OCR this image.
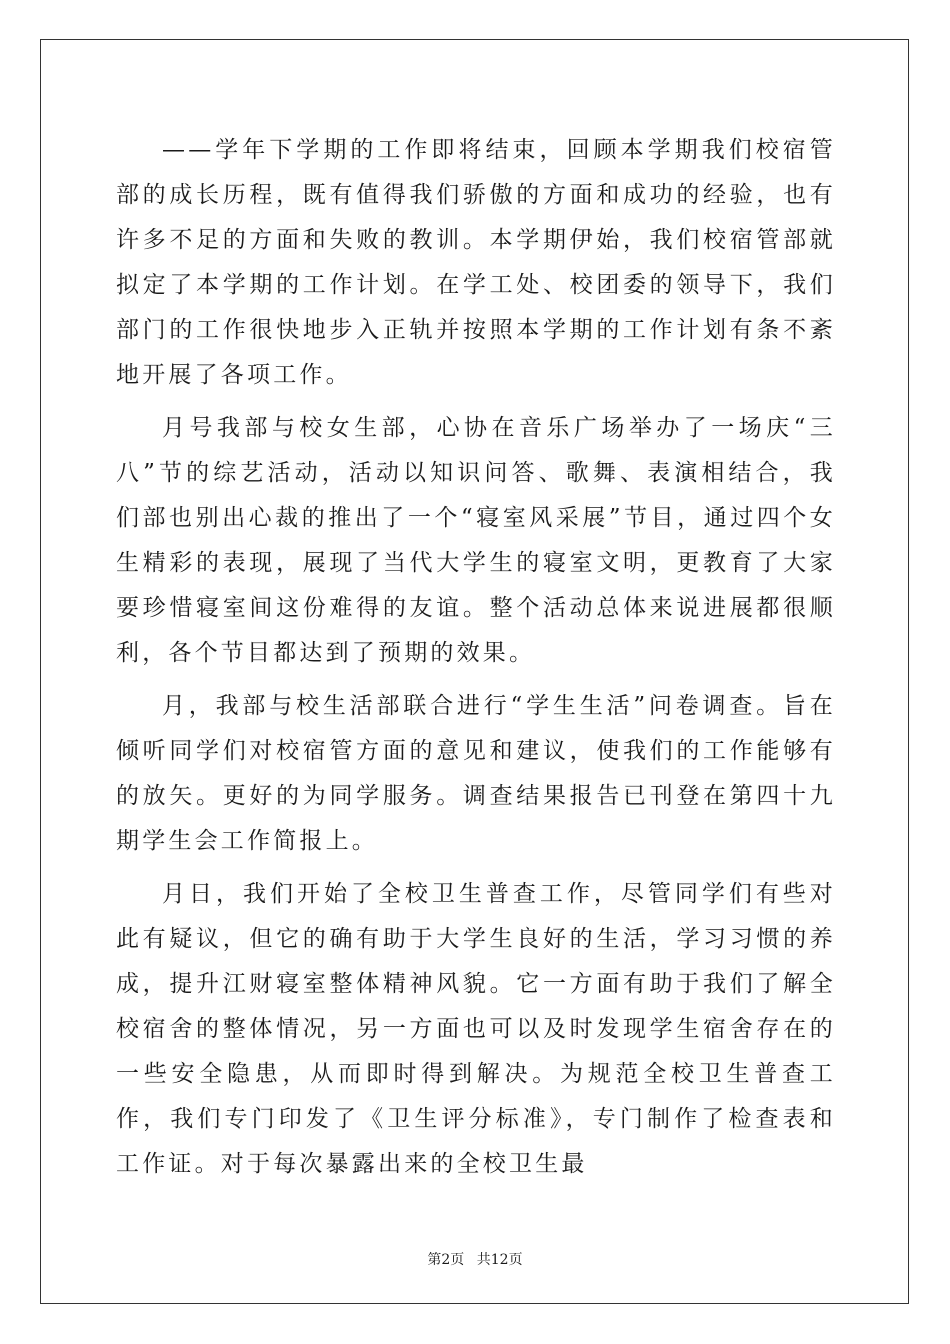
——学年下学期的工作即将结束，回顾本学期我们校宿管部的成长历程，既有值得我们骄傲的方面和成功的经验，也有许多不足的方面和失败的教训。本学期伊始，我们校宿管部就拟定了本学期的工作计划。在学工处、校团委的领导下，我们部门的工作很快地步入正轨并按照本学期的工作计划有条不紊地开展了各项工作。

月号我部与校女生部，心协在音乐广场举办了一场庆“三八”节的综艺活动，活动以知识问答、歌舞、表演相结合，我们部也别出心裁的推出了一个“寝室风采展”节目，通过四个女生精彩的表现，展现了当代大学生的寝室文明，更教育了大家要珍惜寝室间这份难得的友谊。整个活动总体来说进展都很顺利，各个节目都达到了预期的效果。

月，我部与校生活部联合进行“学生生活”问卷调查。旨在倾听同学们对校宿管方面的意见和建议，使我们的工作能够有的放矢。更好的为同学服务。调查结果报告已刊登在第四十九期学生会工作简报上。

月日，我们开始了全校卫生普查工作，尽管同学们有些对此有疑议，但它的确有助于大学生良好的生活，学习习惯的养成，提升江财寝室整体精神风貌。它一方面有助于我们了解全校宿舍的整体情况，另一方面也可以及时发现学生宿舍存在的一些安全隐患，从而即时得到解决。为规范全校卫生普查工作，我们专门印发了《卫生评分标准》，专门制作了检查表和工作证。对于每次暴露出来的全校卫生最

第2页 共12页
